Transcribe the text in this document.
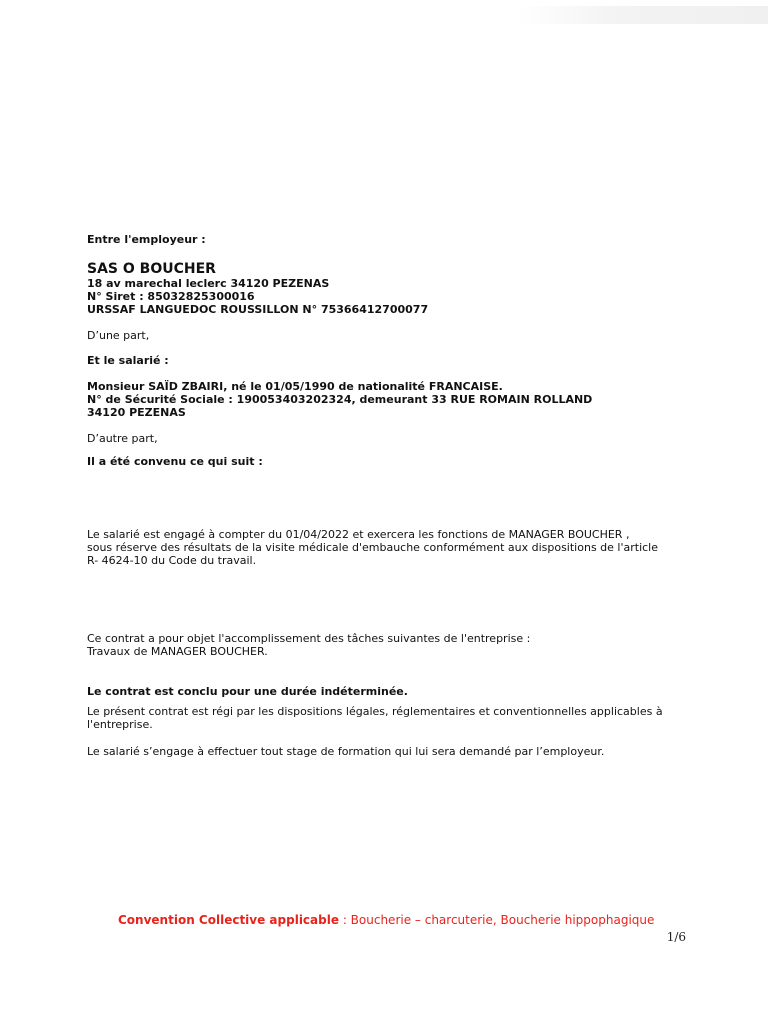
Entre l'employeur :
SAS O BOUCHER
18 av marechal leclerc 34120 PEZENAS
N° Siret : 85032825300016
URSSAF LANGUEDOC ROUSSILLON N° 75366412700077
D’une part,
Et le salarié :
Monsieur SAÏD ZBAIRI, né le 01/05/1990 de nationalité FRANCAISE.
N° de Sécurité Sociale : 190053403202324, demeurant 33 RUE ROMAIN ROLLAND
34120 PEZENAS
D’autre part,
Il a été convenu ce qui suit :
Le salarié est engagé à compter du 01/04/2022 et exercera les fonctions de MANAGER BOUCHER ,
sous réserve des résultats de la visite médicale d'embauche conformément aux dispositions de l'article
R- 4624-10 du Code du travail.
Ce contrat a pour objet l'accomplissement des tâches suivantes de l'entreprise :
Travaux de MANAGER BOUCHER.
Le contrat est conclu pour une durée indéterminée.
Le présent contrat est régi par les dispositions légales, réglementaires et conventionnelles applicables à
l'entreprise.
Le salarié s’engage à effectuer tout stage de formation qui lui sera demandé par l’employeur.
Convention Collective applicable : Boucherie – charcuterie, Boucherie hippophagique
1/6
